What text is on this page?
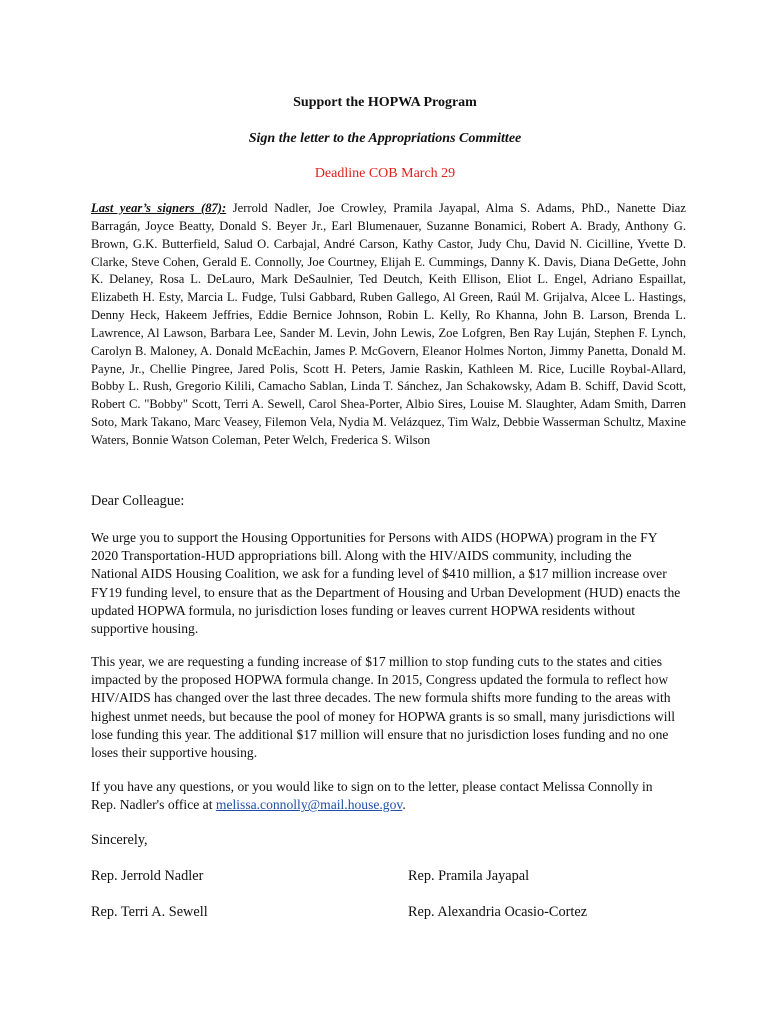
Support the HOPWA Program
Sign the letter to the Appropriations Committee
Deadline COB March 29
Last year’s signers (87): Jerrold Nadler, Joe Crowley, Pramila Jayapal, Alma S. Adams, PhD., Nanette Diaz Barragán, Joyce Beatty, Donald S. Beyer Jr., Earl Blumenauer, Suzanne Bonamici, Robert A. Brady, Anthony G. Brown, G.K. Butterfield, Salud O. Carbajal, André Carson, Kathy Castor, Judy Chu, David N. Cicilline, Yvette D. Clarke, Steve Cohen, Gerald E. Connolly, Joe Courtney, Elijah E. Cummings, Danny K. Davis, Diana DeGette, John K. Delaney, Rosa L. DeLauro, Mark DeSaulnier, Ted Deutch, Keith Ellison, Eliot L. Engel, Adriano Espaillat, Elizabeth H. Esty, Marcia L. Fudge, Tulsi Gabbard, Ruben Gallego, Al Green, Raúl M. Grijalva, Alcee L. Hastings, Denny Heck, Hakeem Jeffries, Eddie Bernice Johnson, Robin L. Kelly, Ro Khanna, John B. Larson, Brenda L. Lawrence, Al Lawson, Barbara Lee, Sander M. Levin, John Lewis, Zoe Lofgren, Ben Ray Luján, Stephen F. Lynch, Carolyn B. Maloney, A. Donald McEachin, James P. McGovern, Eleanor Holmes Norton, Jimmy Panetta, Donald M. Payne, Jr., Chellie Pingree, Jared Polis, Scott H. Peters, Jamie Raskin, Kathleen M. Rice, Lucille Roybal-Allard, Bobby L. Rush, Gregorio Kilili, Camacho Sablan, Linda T. Sánchez, Jan Schakowsky, Adam B. Schiff, David Scott, Robert C. "Bobby" Scott, Terri A. Sewell, Carol Shea-Porter, Albio Sires, Louise M. Slaughter, Adam Smith, Darren Soto, Mark Takano, Marc Veasey, Filemon Vela, Nydia M. Velázquez, Tim Walz, Debbie Wasserman Schultz, Maxine Waters, Bonnie Watson Coleman, Peter Welch, Frederica S. Wilson
Dear Colleague:
We urge you to support the Housing Opportunities for Persons with AIDS (HOPWA) program in the FY 2020 Transportation-HUD appropriations bill. Along with the HIV/AIDS community, including the National AIDS Housing Coalition, we ask for a funding level of $410 million, a $17 million increase over FY19 funding level, to ensure that as the Department of Housing and Urban Development (HUD) enacts the updated HOPWA formula, no jurisdiction loses funding or leaves current HOPWA residents without supportive housing.
This year, we are requesting a funding increase of $17 million to stop funding cuts to the states and cities impacted by the proposed HOPWA formula change. In 2015, Congress updated the formula to reflect how HIV/AIDS has changed over the last three decades. The new formula shifts more funding to the areas with highest unmet needs, but because the pool of money for HOPWA grants is so small, many jurisdictions will lose funding this year. The additional $17 million will ensure that no jurisdiction loses funding and no one loses their supportive housing.
If you have any questions, or you would like to sign on to the letter, please contact Melissa Connolly in Rep. Nadler's office at melissa.connolly@mail.house.gov.
Sincerely,
Rep. Jerrold Nadler	Rep. Pramila Jayapal
Rep. Terri A. Sewell	Rep. Alexandria Ocasio-Cortez
